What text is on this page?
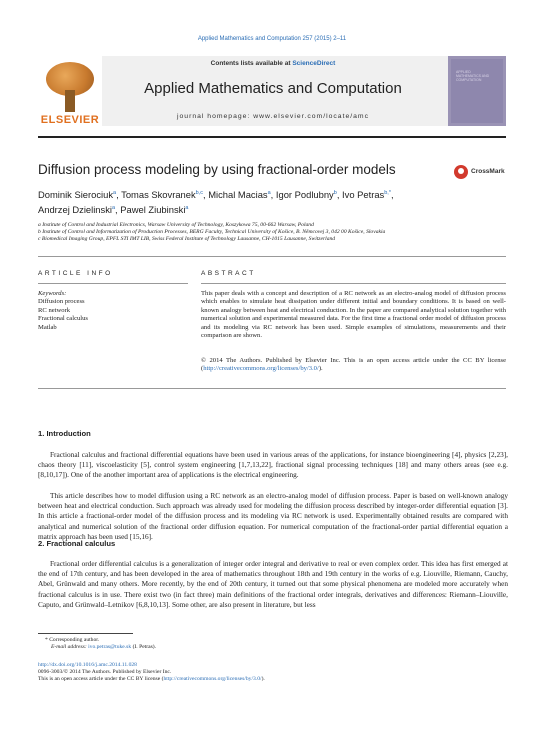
Applied Mathematics and Computation 257 (2015) 2–11
ELSEVIER
Contents lists available at ScienceDirect
Applied Mathematics and Computation
journal homepage: www.elsevier.com/locate/amc
APPLIED MATHEMATICS AND COMPUTATION
Diffusion process modeling by using fractional-order models	CrossMark
Dominik Sierociuk$^a$, Tomas Skovranek$^{b,c}$, Michal Macias$^a$, Igor Podlubny$^b$, Ivo Petras$^{b,*}$,
Andrzej Dzielinski$^a$, Pawel Ziubinski$^a$
a Institute of Control and Industrial Electronics, Warsaw University of Technology, Koszykowa 75, 00-662 Warsaw, Poland
b Institute of Control and Informatization of Production Processes, BERG Faculty, Technical University of Košice, B. Němcovej 3, 042 00 Košice, Slovakia
c Biomedical Imaging Group, EPFL STI IMT LIB, Swiss Federal Institute of Technology Lausanne, CH-1015 Lausanne, Switzerland
ARTICLE INFO	ABSTRACT
Keywords:
Diffusion process
RC network
Fractional calculus
Matlab
This paper deals with a concept and description of a RC network as an electro-analog model of diffusion process which enables to simulate heat dissipation under different initial and boundary conditions. It is based on well-known analogy between heat and electrical conduction. In the paper are compared analytical solution together with numerical solution and experimental measured data. For the first time a fractional order model of diffusion process and its modeling via RC network has been used. Simple examples of simulations, measurements and their comparison are shown.
© 2014 The Authors. Published by Elsevier Inc. This is an open access article under the CC BY license (http://creativecommons.org/licenses/by/3.0/).
1. Introduction
Fractional calculus and fractional differential equations have been used in various areas of the applications, for instance bioengineering [4], physics [2,23], chaos theory [11], viscoelasticity [5], control system engineering [1,7,13,22], fractional signal processing techniques [18] and many others areas (see e.g. [8,10,17]). One of the another important area of applications is the electrical engineering.
This article describes how to model diffusion using a RC network as an electro-analog model of diffusion process. Paper is based on well-known analogy between heat and electrical conduction. Such approach was already used for modeling the diffusion process described by integer-order differential equation [3]. In this article a fractional-order model of the diffusion process and its modeling via RC network is used. Experimentally obtained results are compared with analytical and numerical solution of the fractional order diffusion equation. For numerical computation of the fractional-order partial differential equation a matrix approach has been used [15,16].
2. Fractional calculus
Fractional order differential calculus is a generalization of integer order integral and derivative to real or even complex order. This idea has first emerged at the end of 17th century, and has been developed in the area of mathematics throughout 18th and 19th century in the works of e.g. Liouville, Riemann, Cauchy, Abel, Grünwald and many others. More recently, by the end of 20th century, it turned out that some physical phenomena are modeled more accurately when fractional calculus is in use. There exist two (in fact three) main definitions of the fractional order integrals, derivatives and differences: Riemann–Liouville, Caputo, and Grünwald–Letnikov [6,8,10,13]. Some other, are also present in literature, but less
* Corresponding author.
E-mail address: ivo.petras@tuke.sk (I. Petras).
http://dx.doi.org/10.1016/j.amc.2014.11.028
0096-3003/© 2014 The Authors. Published by Elsevier Inc.
This is an open access article under the CC BY license (http://creativecommons.org/licenses/by/3.0/).
